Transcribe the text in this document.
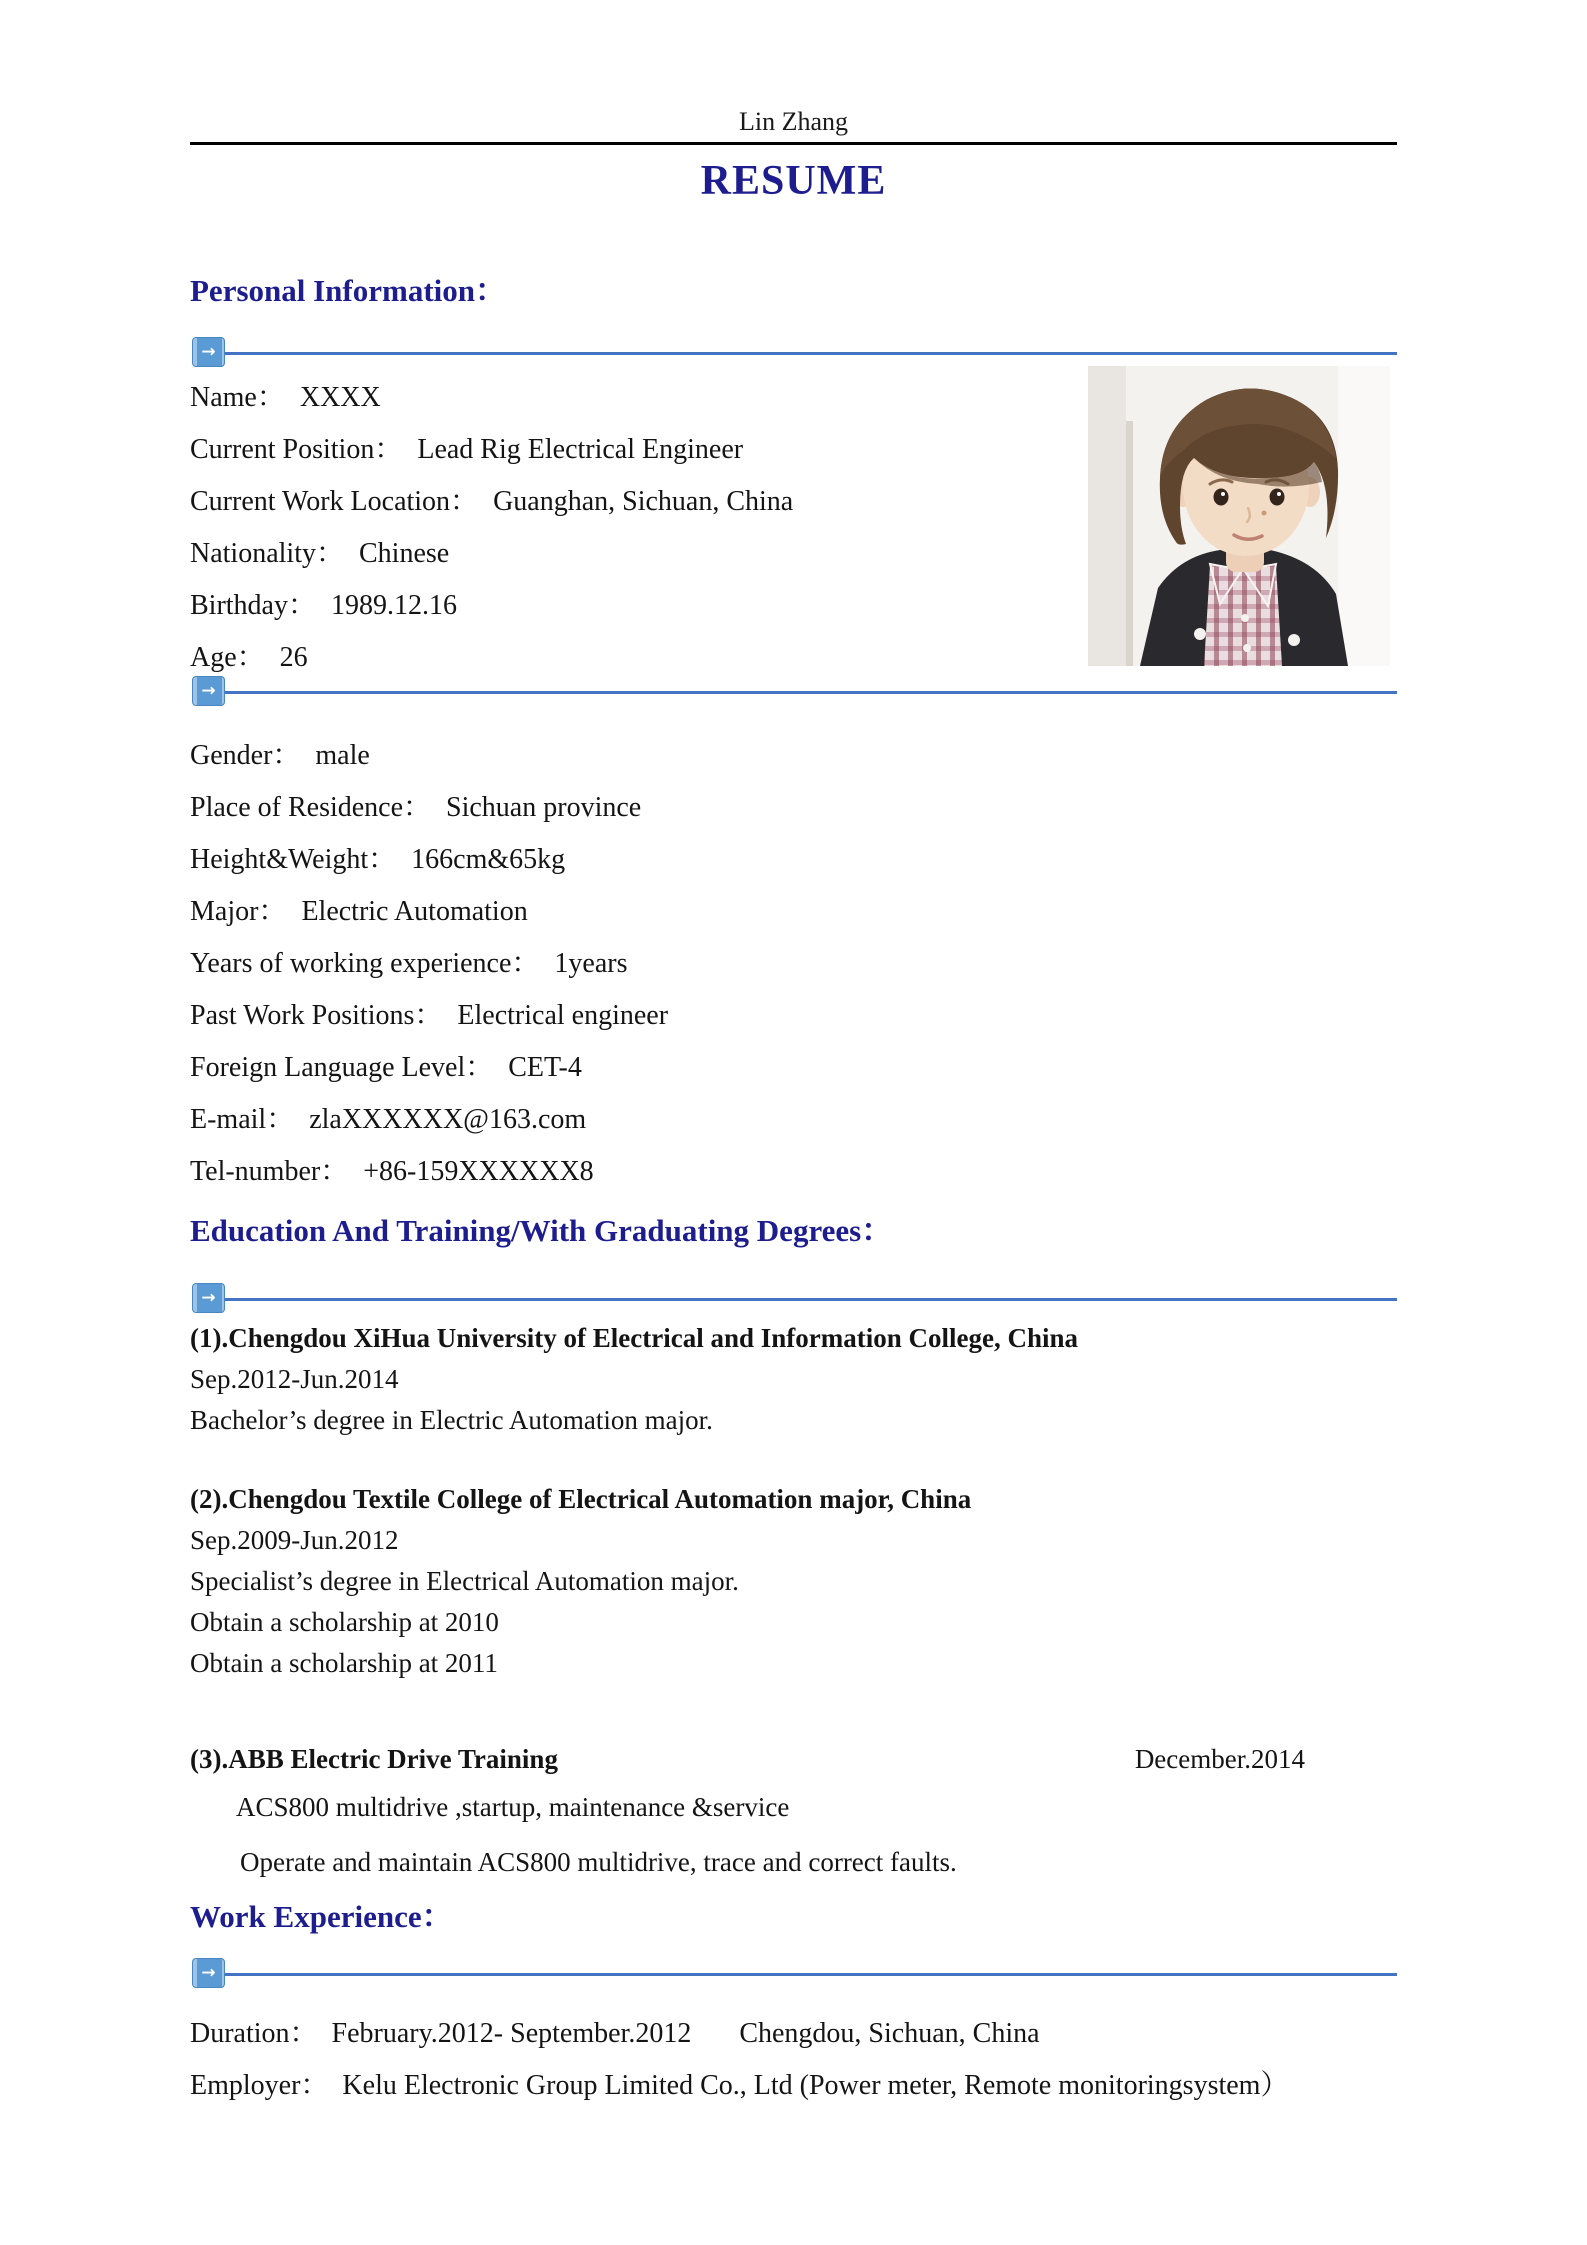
Lin Zhang
RESUME
Personal Information：
→
Name： XXXX
Current Position： Lead Rig Electrical Engineer
Current Work Location： Guanghan, Sichuan, China
Nationality： Chinese
Birthday： 1989.12.16
Age： 26
→
Gender： male
Place of Residence： Sichuan province
Height&Weight： 166cm&65kg
Major： Electric Automation
Years of working experience： 1years
Past Work Positions： Electrical engineer
Foreign Language Level： CET-4
E-mail： zlaXXXXXX@163.com
Tel-number： +86-159XXXXXX8
Education And Training/With Graduating Degrees：
→
(1).Chengdou XiHua University of Electrical and Information College, China
Sep.2012-Jun.2014
Bachelor’s degree in Electric Automation major.
(2).Chengdou Textile College of Electrical Automation major, China
Sep.2009-Jun.2012
Specialist’s degree in Electrical Automation major.
Obtain a scholarship at 2010
Obtain a scholarship at 2011
(3).ABB Electric Drive Training	December.2014
ACS800 multidrive ,startup, maintenance &service
Operate and maintain ACS800 multidrive, trace and correct faults.
Work Experience：
→
Duration： February.2012- September.2012 Chengdou, Sichuan, China
Employer： Kelu Electronic Group Limited Co., Ltd (Power meter, Remote monitoringsystem）
